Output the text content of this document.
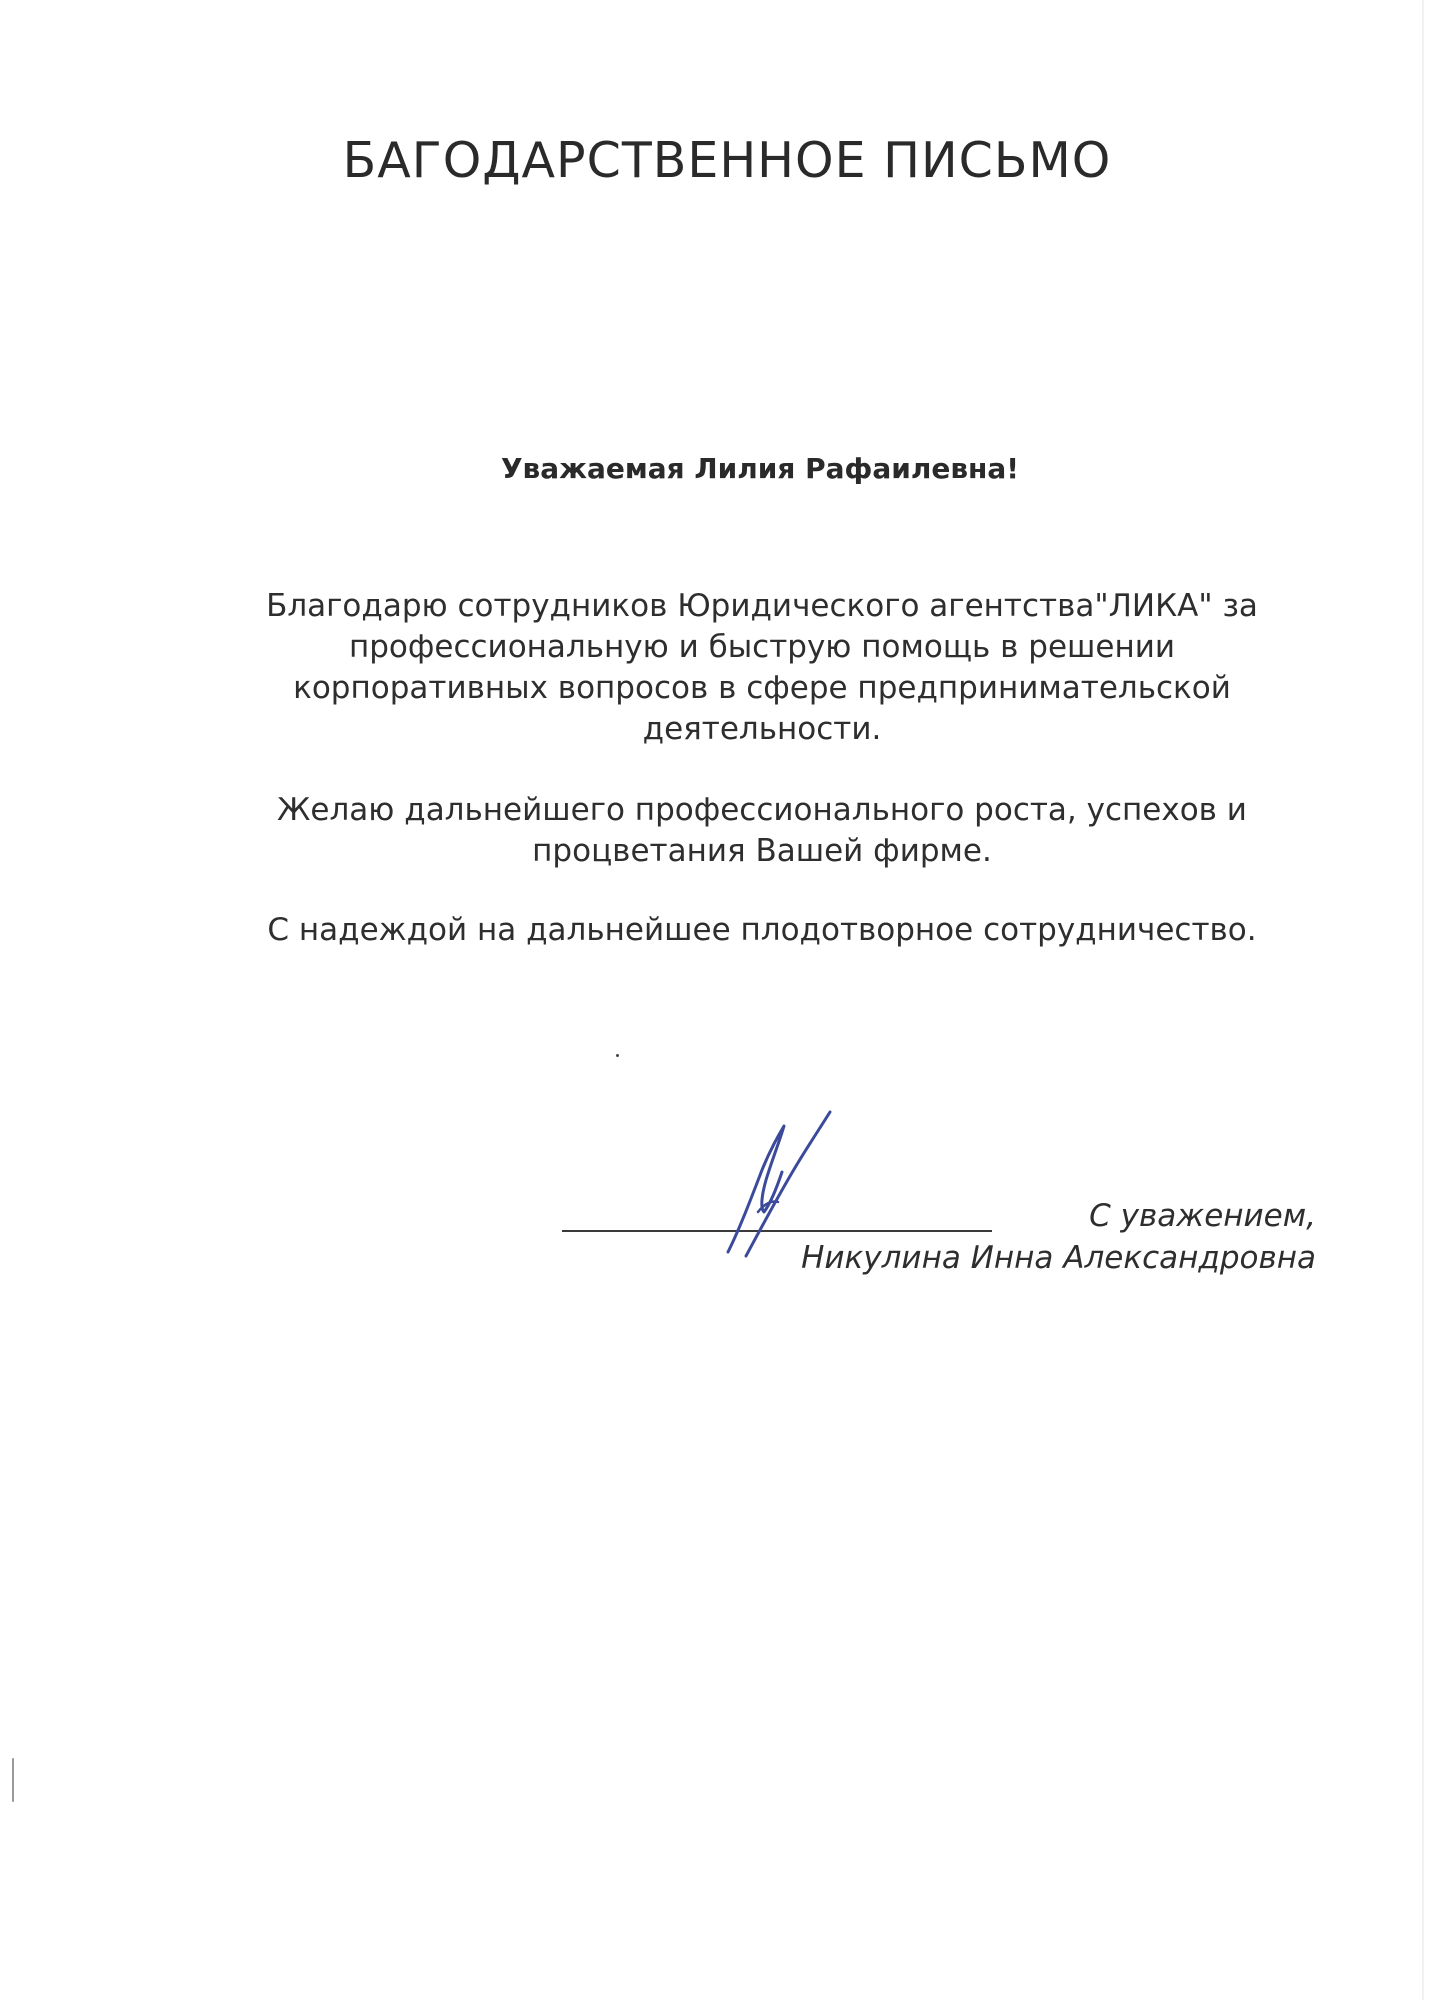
БАГОДАРСТВЕННОЕ ПИСЬМО
Уважаемая Лилия Рафаилевна!
Благодарю сотрудников Юридического агентства"ЛИКА" за
профессиональную и быструю помощь в решении
корпоративных вопросов в сфере предпринимательской
деятельности.
Желаю дальнейшего профессионального роста, успехов и
процветания Вашей фирме.
С надеждой на дальнейшее плодотворное сотрудничество.
С уважением,
Никулина Инна Александровна
